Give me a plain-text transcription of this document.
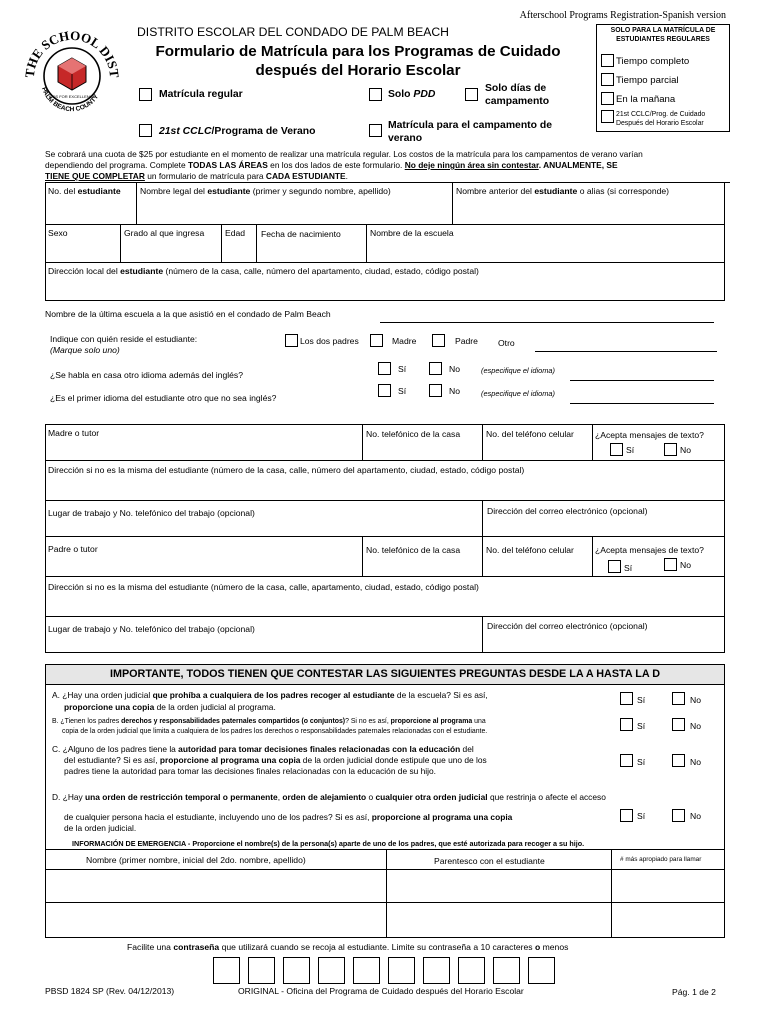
Afterschool Programs Registration-Spanish version
THE SCHOOL DIST
PALM BEACH COUNTY
KIDS FOR EXCELLENCE
DISTRITO ESCOLAR DEL CONDADO DE PALM BEACH
Formulario de Matrícula para los Programas de Cuidado
después del Horario Escolar
Matrícula regular	Solo PDD
Solo días de
campamento
21st CCLC/Programa de Verano
Matrícula para el campamento de
verano
SOLO PARA LA MATRÍCULA DE
ESTUDIANTES REGULARES
Tiempo completo
Tiempo parcial
En la mañana
21st CCLC/Prog. de Cuidado
Después del Horario Escolar
Se cobrará una cuota de $25 por estudiante en el momento de realizar una matrícula regular. Los costos de la matrícula para los campamentos de verano varían
dependiendo del programa. Complete TODAS LAS ÁREAS en los dos lados de este formulario. No deje ningún área sin contestar. ANUALMENTE, SE
TIENE QUE COMPLETAR un formulario de matrícula para CADA ESTUDIANTE.
No. del estudiante Nombre legal del estudiante (primer y segundo nombre, apellido)	Nombre anterior del estudiante o alias (si corresponde)
Sexo	Grado al que ingresa Edad Fecha de nacimiento	Nombre de la escuela
Dirección local del estudiante (número de la casa, calle, número del apartamento, ciudad, estado, código postal)
Nombre de la última escuela a la que asistió en el condado de Palm Beach
Indique con quién reside el estudiante:
(Marque solo uno)
Los dos padres	Madre	Padre Otro
¿Se habla en casa otro idioma además del inglés?
Sí	No	(especifique el idioma)
¿Es el primer idioma del estudiante otro que no sea inglés?
Sí	No	(especifique el idioma)
Madre o tutor	No. telefónico de la casa	No. del teléfono celular ¿Acepta mensajes de texto?
Sí	No
Dirección si no es la misma del estudiante (número de la casa, calle, número del apartamento, ciudad, estado, código postal)
Lugar de trabajo y No. telefónico del trabajo (opcional)	Dirección del correo electrónico (opcional)
Padre o tutor	No. telefónico de la casa	No. del teléfono celular ¿Acepta mensajes de texto?
Sí	No
Dirección si no es la misma del estudiante (número de la casa, calle, apartamento, ciudad, estado, código postal)
Lugar de trabajo y No. telefónico del trabajo (opcional)	Dirección del correo electrónico (opcional)
IMPORTANTE, TODOS TIENEN QUE CONTESTAR LAS SIGUIENTES PREGUNTAS DESDE LA A HASTA LA D
A. ¿Hay una orden judicial que prohíba a cualquiera de los padres recoger al estudiante de la escuela? Si es así,
proporcione una copia de la orden judicial al programa.
Sí	No
B. ¿Tienen los padres derechos y responsabilidades paternales compartidos (o conjuntos)? Si no es así, proporcione al programa una
copia de la orden judicial que limita a cualquiera de los padres los derechos o responsabilidades paternales relacionadas con el estudiante.
Sí	No
C. ¿Alguno de los padres tiene la autoridad para tomar decisiones finales relacionadas con la educación del
del estudiante? Si es así, proporcione al programa una copia de la orden judicial donde estipule que uno de los
padres tiene la autoridad para tomar las decisiones finales relacionadas con la educación de su hijo.
Sí	No
D. ¿Hay una orden de restricción temporal o permanente, orden de alejamiento o cualquier otra orden judicial que restrinja o afecte el acceso
de cualquier persona hacia el estudiante, incluyendo uno de los padres? Si es así, proporcione al programa una copia
de la orden judicial.
Sí	No
INFORMACIÓN DE EMERGENCIA - Proporcione el nombre(s) de la persona(s) aparte de uno de los padres, que esté autorizada para recoger a su hijo.
Nombre (primer nombre, inicial del 2do. nombre, apellido)	Parentesco con el estudiante	# más apropiado para llamar
Facilite una contraseña que utilizará cuando se recoja al estudiante. Limite su contraseña a 10 caracteres o menos
PBSD 1824 SP (Rev. 04/12/2013)	ORIGINAL - Oficina del Programa de Cuidado después del Horario Escolar	Pág. 1 de 2
